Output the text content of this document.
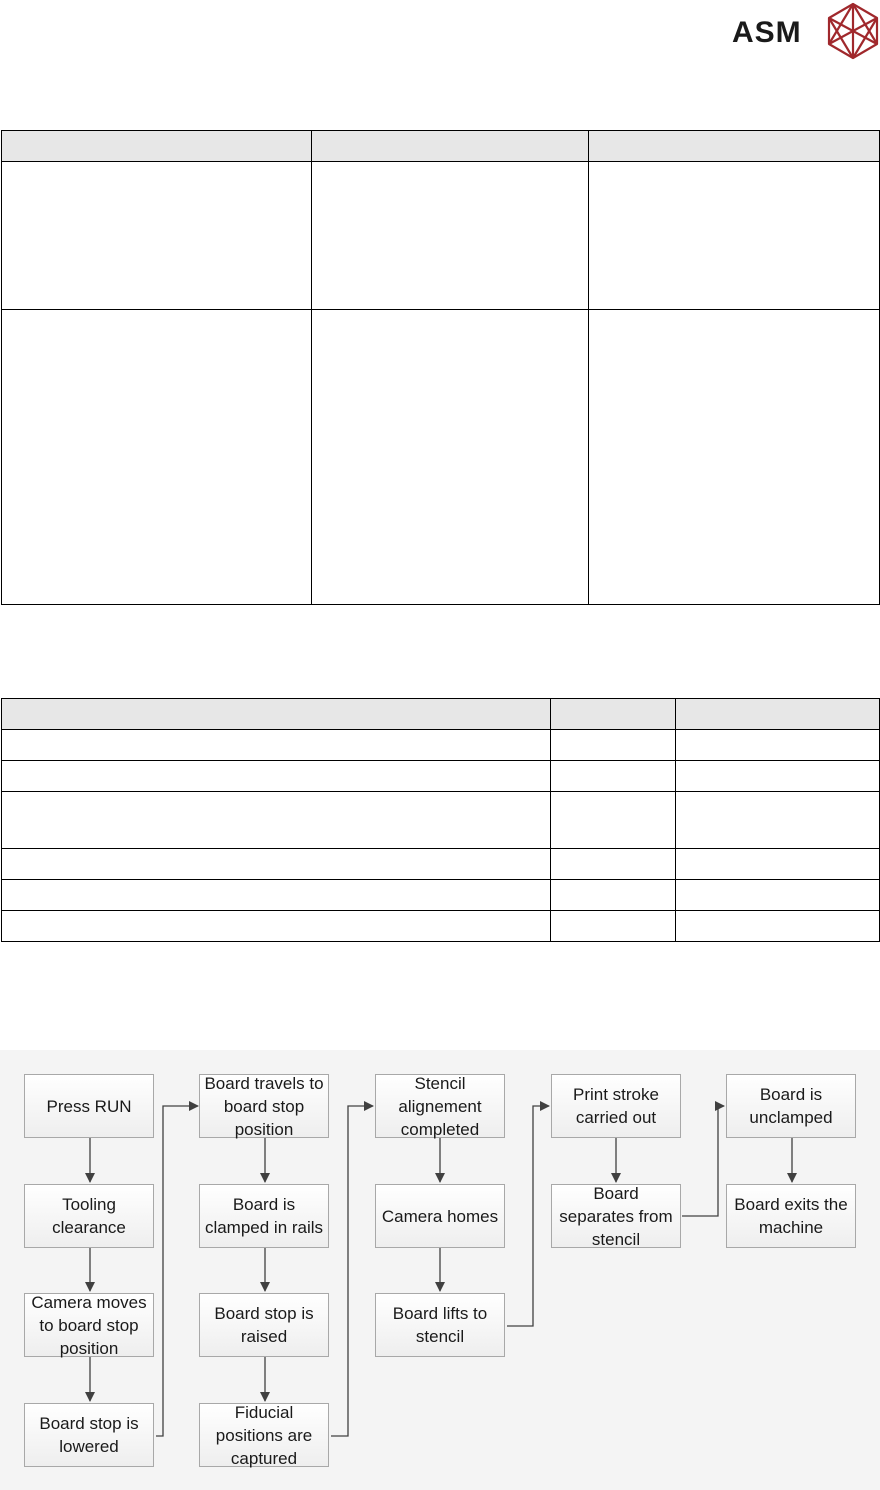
ASM

Press RUN
Tooling clearance
Camera moves to board stop position
Board stop is lowered
Board travels to board stop position
Board is clamped in rails
Board stop is raised
Fiducial positions are captured
Stencil alignement completed
Camera homes
Board lifts to stencil
Print stroke carried out
Board separates from stencil
Board is unclamped
Board exits the machine
